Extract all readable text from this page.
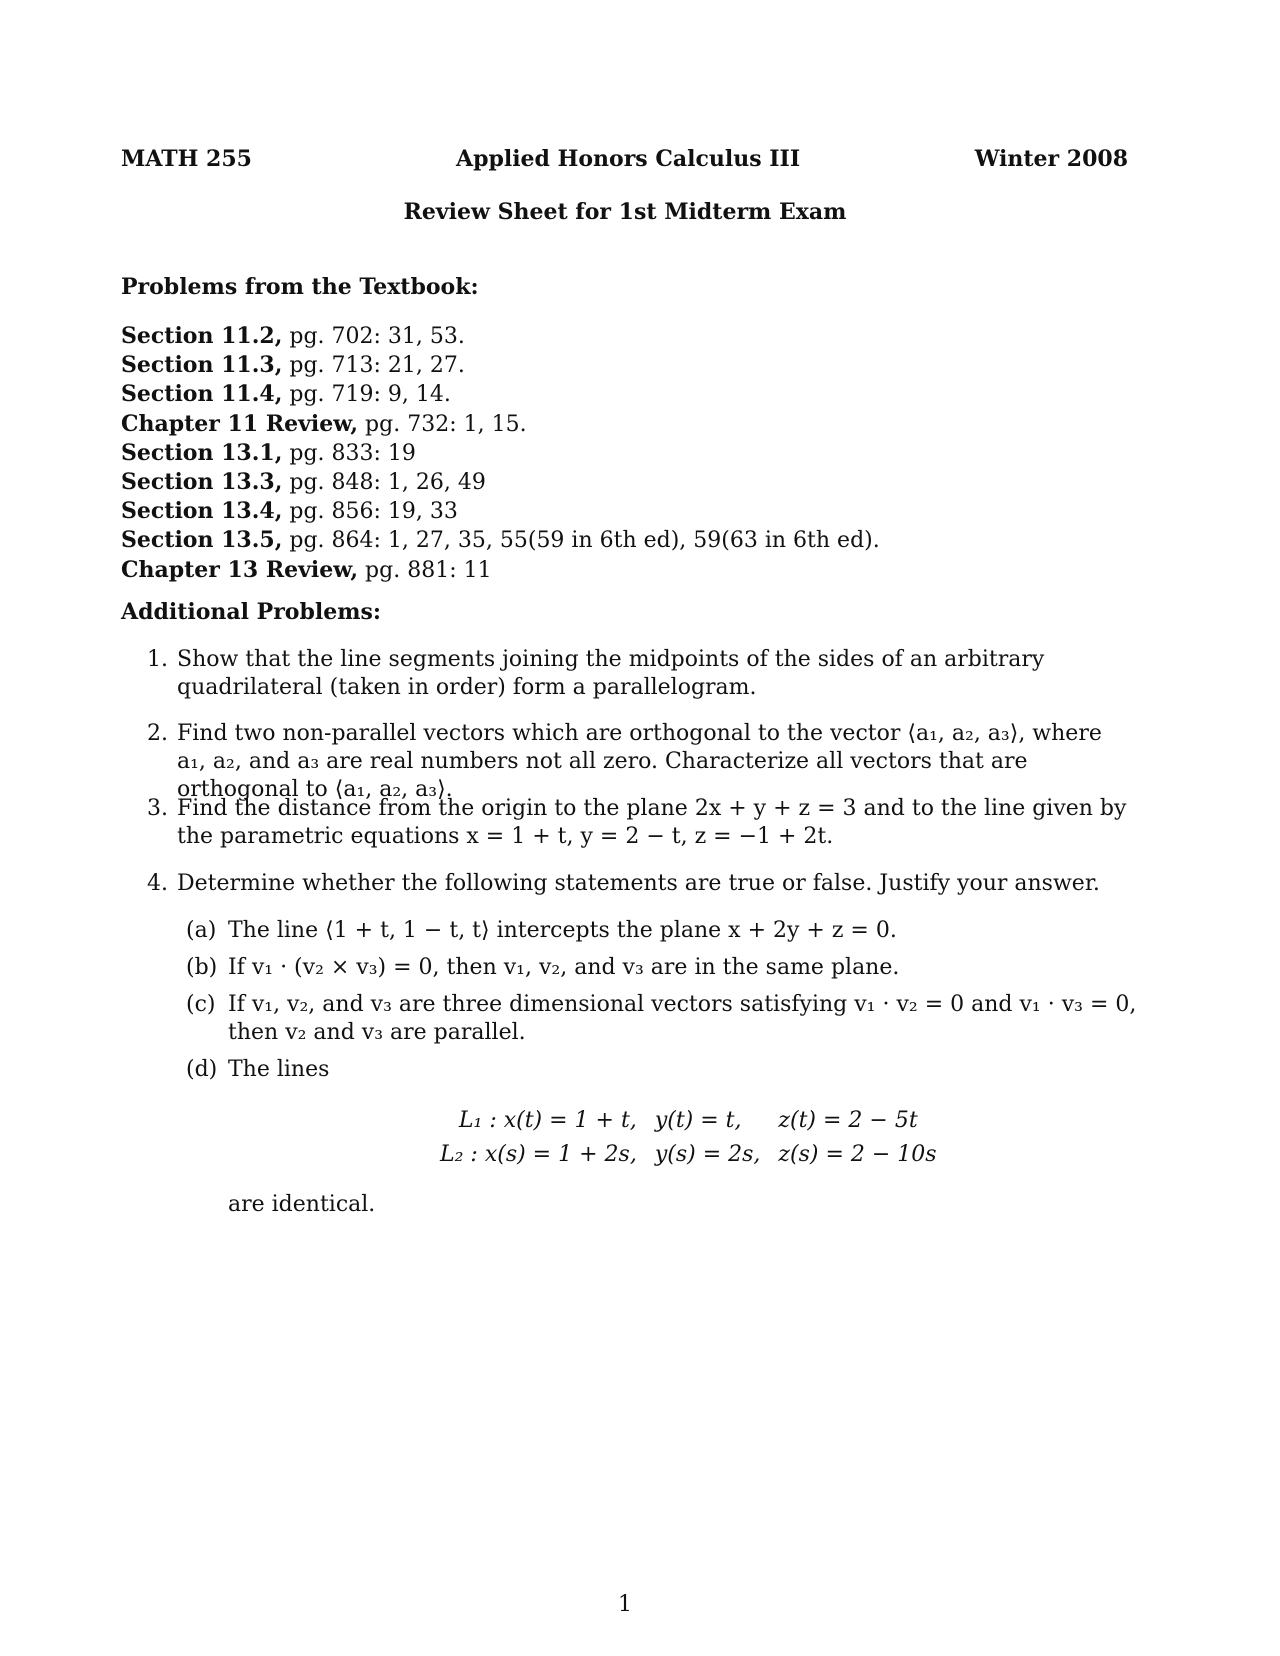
MATH 255	Applied Honors Calculus III	Winter 2008
Review Sheet for 1st Midterm Exam
Problems from the Textbook:
Section 11.2, pg. 702: 31, 53.
Section 11.3, pg. 713: 21, 27.
Section 11.4, pg. 719: 9, 14.
Chapter 11 Review, pg. 732: 1, 15.
Section 13.1, pg. 833: 19
Section 13.3, pg. 848: 1, 26, 49
Section 13.4, pg. 856: 19, 33
Section 13.5, pg. 864: 1, 27, 35, 55(59 in 6th ed), 59(63 in 6th ed).
Chapter 13 Review, pg. 881: 11
Additional Problems:
1. Show that the line segments joining the midpoints of the sides of an arbitrary quadrilateral (taken in order) form a parallelogram.
2. Find two non-parallel vectors which are orthogonal to the vector ⟨a₁, a₂, a₃⟩, where a₁, a₂, and a₃ are real numbers not all zero. Characterize all vectors that are orthogonal to ⟨a₁, a₂, a₃⟩.
3. Find the distance from the origin to the plane 2x + y + z = 3 and to the line given by the parametric equations x = 1 + t, y = 2 − t, z = −1 + 2t.
4. Determine whether the following statements are true or false. Justify your answer.
(a) The line ⟨1 + t, 1 − t, t⟩ intercepts the plane x + 2y + z = 0.
(b) If v₁ · (v₂ × v₃) = 0, then v₁, v₂, and v₃ are in the same plane.
(c) If v₁, v₂, and v₃ are three dimensional vectors satisfying v₁ · v₂ = 0 and v₁ · v₃ = 0, then v₂ and v₃ are parallel.
(d) The lines
L₁ : x(t) = 1 + t,	y(t) = t,	z(t) = 2 − 5t
L₂ : x(s) = 1 + 2s,	y(s) = 2s,	z(s) = 2 − 10s
are identical.
1
